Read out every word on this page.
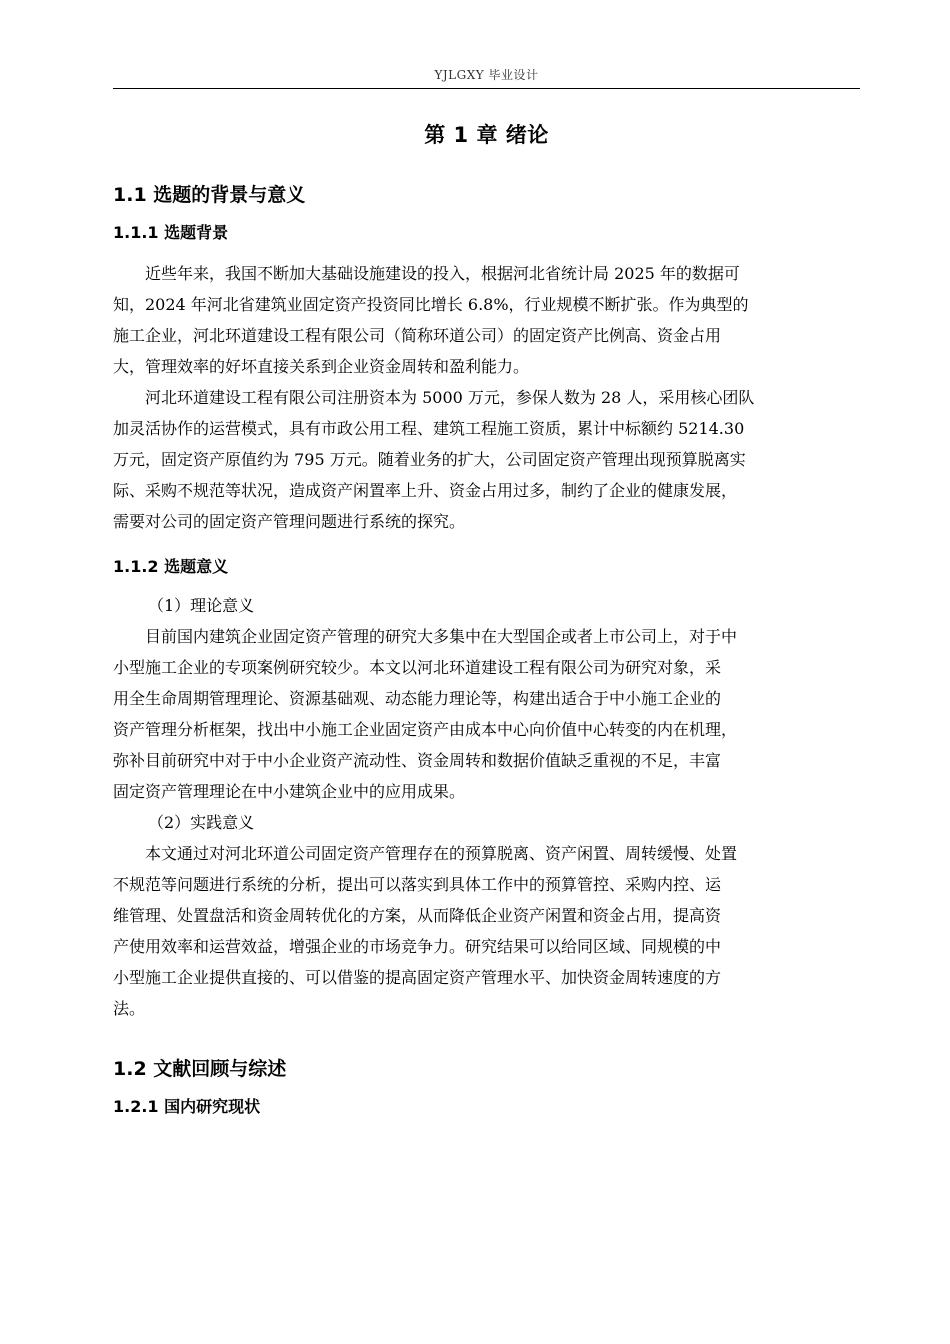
YJLGXY 毕业设计
第 1 章 绪论
1.1 选题的背景与意义
1.1.1 选题背景

近些年来，我国不断加大基础设施建设的投入，根据河北省统计局 2025 年的数据可
知，2024 年河北省建筑业固定资产投资同比增长 6.8%，行业规模不断扩张。作为典型的
施工企业，河北环道建设工程有限公司（简称环道公司）的固定资产比例高、资金占用
大，管理效率的好坏直接关系到企业资金周转和盈利能力。

河北环道建设工程有限公司注册资本为 5000 万元，参保人数为 28 人，采用核心团队
加灵活协作的运营模式，具有市政公用工程、建筑工程施工资质，累计中标额约 5214.30
万元，固定资产原值约为 795 万元。随着业务的扩大，公司固定资产管理出现预算脱离实
际、采购不规范等状况，造成资产闲置率上升、资金占用过多，制约了企业的健康发展，
需要对公司的固定资产管理问题进行系统的探究。

1.1.2 选题意义

（1）理论意义

目前国内建筑企业固定资产管理的研究大多集中在大型国企或者上市公司上，对于中
小型施工企业的专项案例研究较少。本文以河北环道建设工程有限公司为研究对象，采
用全生命周期管理理论、资源基础观、动态能力理论等，构建出适合于中小施工企业的
资产管理分析框架，找出中小施工企业固定资产由成本中心向价值中心转变的内在机理，
弥补目前研究中对于中小企业资产流动性、资金周转和数据价值缺乏重视的不足，丰富
固定资产管理理论在中小建筑企业中的应用成果。

（2）实践意义

本文通过对河北环道公司固定资产管理存在的预算脱离、资产闲置、周转缓慢、处置
不规范等问题进行系统的分析，提出可以落实到具体工作中的预算管控、采购内控、运
维管理、处置盘活和资金周转优化的方案，从而降低企业资产闲置和资金占用，提高资
产使用效率和运营效益，增强企业的市场竞争力。研究结果可以给同区域、同规模的中
小型施工企业提供直接的、可以借鉴的提高固定资产管理水平、加快资金周转速度的方
法。

1.2 文献回顾与综述
1.2.1 国内研究现状
